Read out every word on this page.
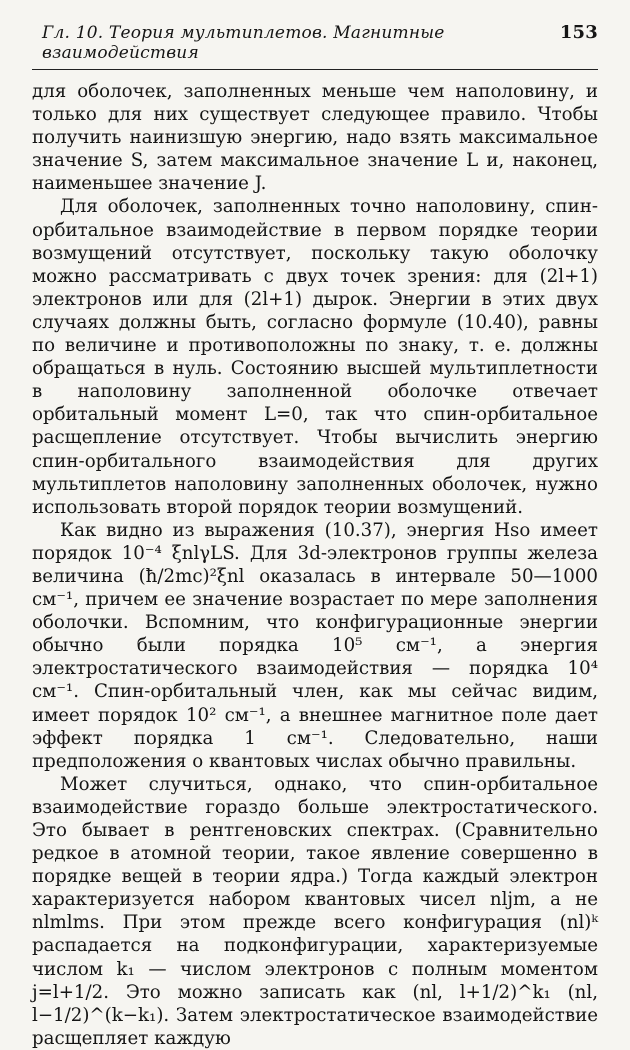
Гл. 10. Теория мультиплетов. Магнитные взаимодействия
153

для оболочек, заполненных меньше чем наполовину, и только для них существует следующее правило. Чтобы получить наинизшую энергию, надо взять максимальное значение S, затем максимальное значение L и, наконец, наименьшее значение J.

Для оболочек, заполненных точно наполовину, спин-орбитальное взаимодействие в первом порядке теории возмущений отсутствует, поскольку такую оболочку можно рассматривать с двух точек зрения: для (2l+1) электронов или для (2l+1) дырок. Энергии в этих двух случаях должны быть, согласно формуле (10.40), равны по величине и противоположны по знаку, т. е. должны обращаться в нуль. Состоянию высшей мультиплетности в наполовину заполненной оболочке отвечает орбитальный момент L=0, так что спин-орбитальное расщепление отсутствует. Чтобы вычислить энергию спин-орбитального взаимодействия для других мультиплетов наполовину заполненных оболочек, нужно использовать второй порядок теории возмущений.

Как видно из выражения (10.37), энергия Hso имеет порядок 10⁻⁴ ξnlγLS. Для 3d-электронов группы железа величина (ħ/2mc)²ξnl оказалась в интервале 50—1000 см⁻¹, причем ее значение возрастает по мере заполнения оболочки. Вспомним, что конфигурационные энергии обычно были порядка 10⁵ см⁻¹, а энергия электростатического взаимодействия — порядка 10⁴ см⁻¹. Спин-орбитальный член, как мы сейчас видим, имеет порядок 10² см⁻¹, а внешнее магнитное поле дает эффект порядка 1 см⁻¹. Следовательно, наши предположения о квантовых числах обычно правильны.

Может случиться, однако, что спин-орбитальное взаимодействие гораздо больше электростатического. Это бывает в рентгеновских спектрах. (Сравнительно редкое в атомной теории, такое явление совершенно в порядке вещей в теории ядра.) Тогда каждый электрон характеризуется набором квантовых чисел nljm, а не nlmlms. При этом прежде всего конфигурация (nl)ᵏ распадается на подконфигурации, характеризуемые числом k₁ — числом электронов с полным моментом j=l+1/2. Это можно записать как (nl, l+1/2)^k₁ (nl, l−1/2)^(k−k₁). Затем электростатическое взаимодействие расщепляет каждую
